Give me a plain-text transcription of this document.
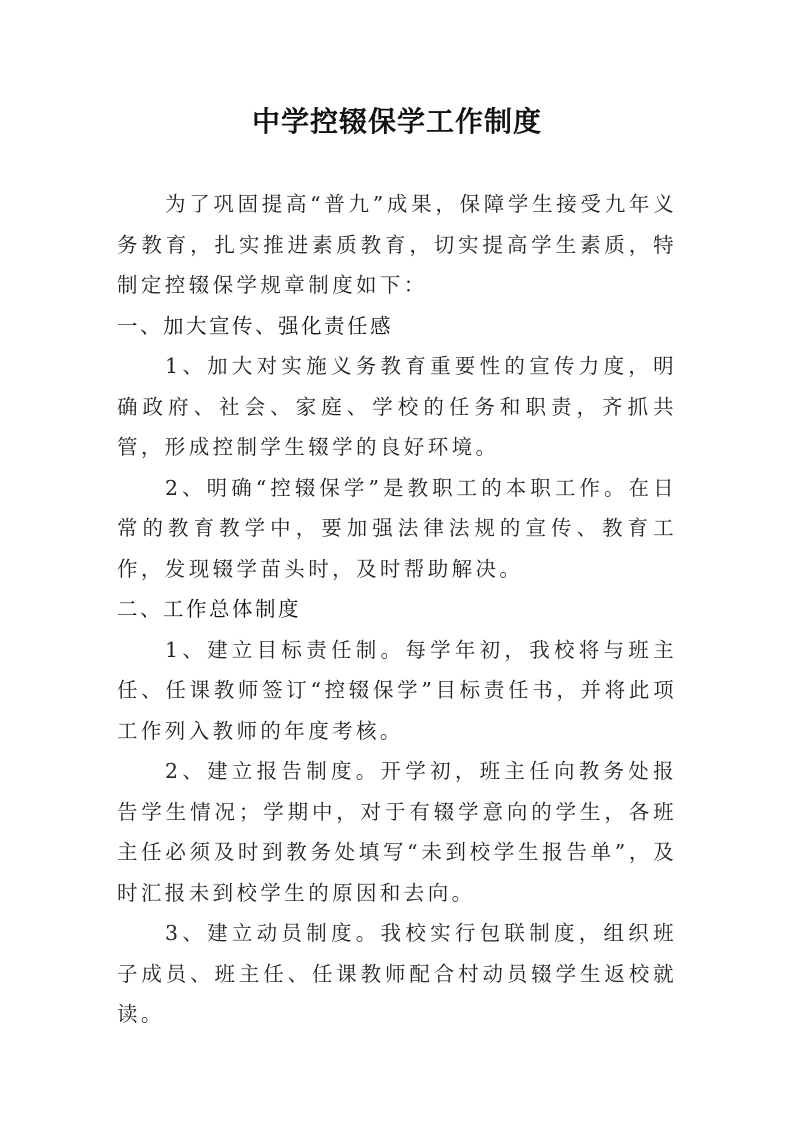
中学控辍保学工作制度

为了巩固提高“普九”成果，保障学生接受九年义务教育，扎实推进素质教育，切实提高学生素质，特制定控辍保学规章制度如下：

一、加大宣传、强化责任感

1、加大对实施义务教育重要性的宣传力度，明确政府、社会、家庭、学校的任务和职责，齐抓共管，形成控制学生辍学的良好环境。

2、明确“控辍保学”是教职工的本职工作。在日常的教育教学中，要加强法律法规的宣传、教育工作，发现辍学苗头时，及时帮助解决。

二、工作总体制度

1、建立目标责任制。每学年初，我校将与班主任、任课教师签订“控辍保学”目标责任书，并将此项工作列入教师的年度考核。

2、建立报告制度。开学初，班主任向教务处报告学生情况；学期中，对于有辍学意向的学生，各班主任必须及时到教务处填写“未到校学生报告单”，及时汇报未到校学生的原因和去向。

3、建立动员制度。我校实行包联制度，组织班子成员、班主任、任课教师配合村动员辍学生返校就读。
